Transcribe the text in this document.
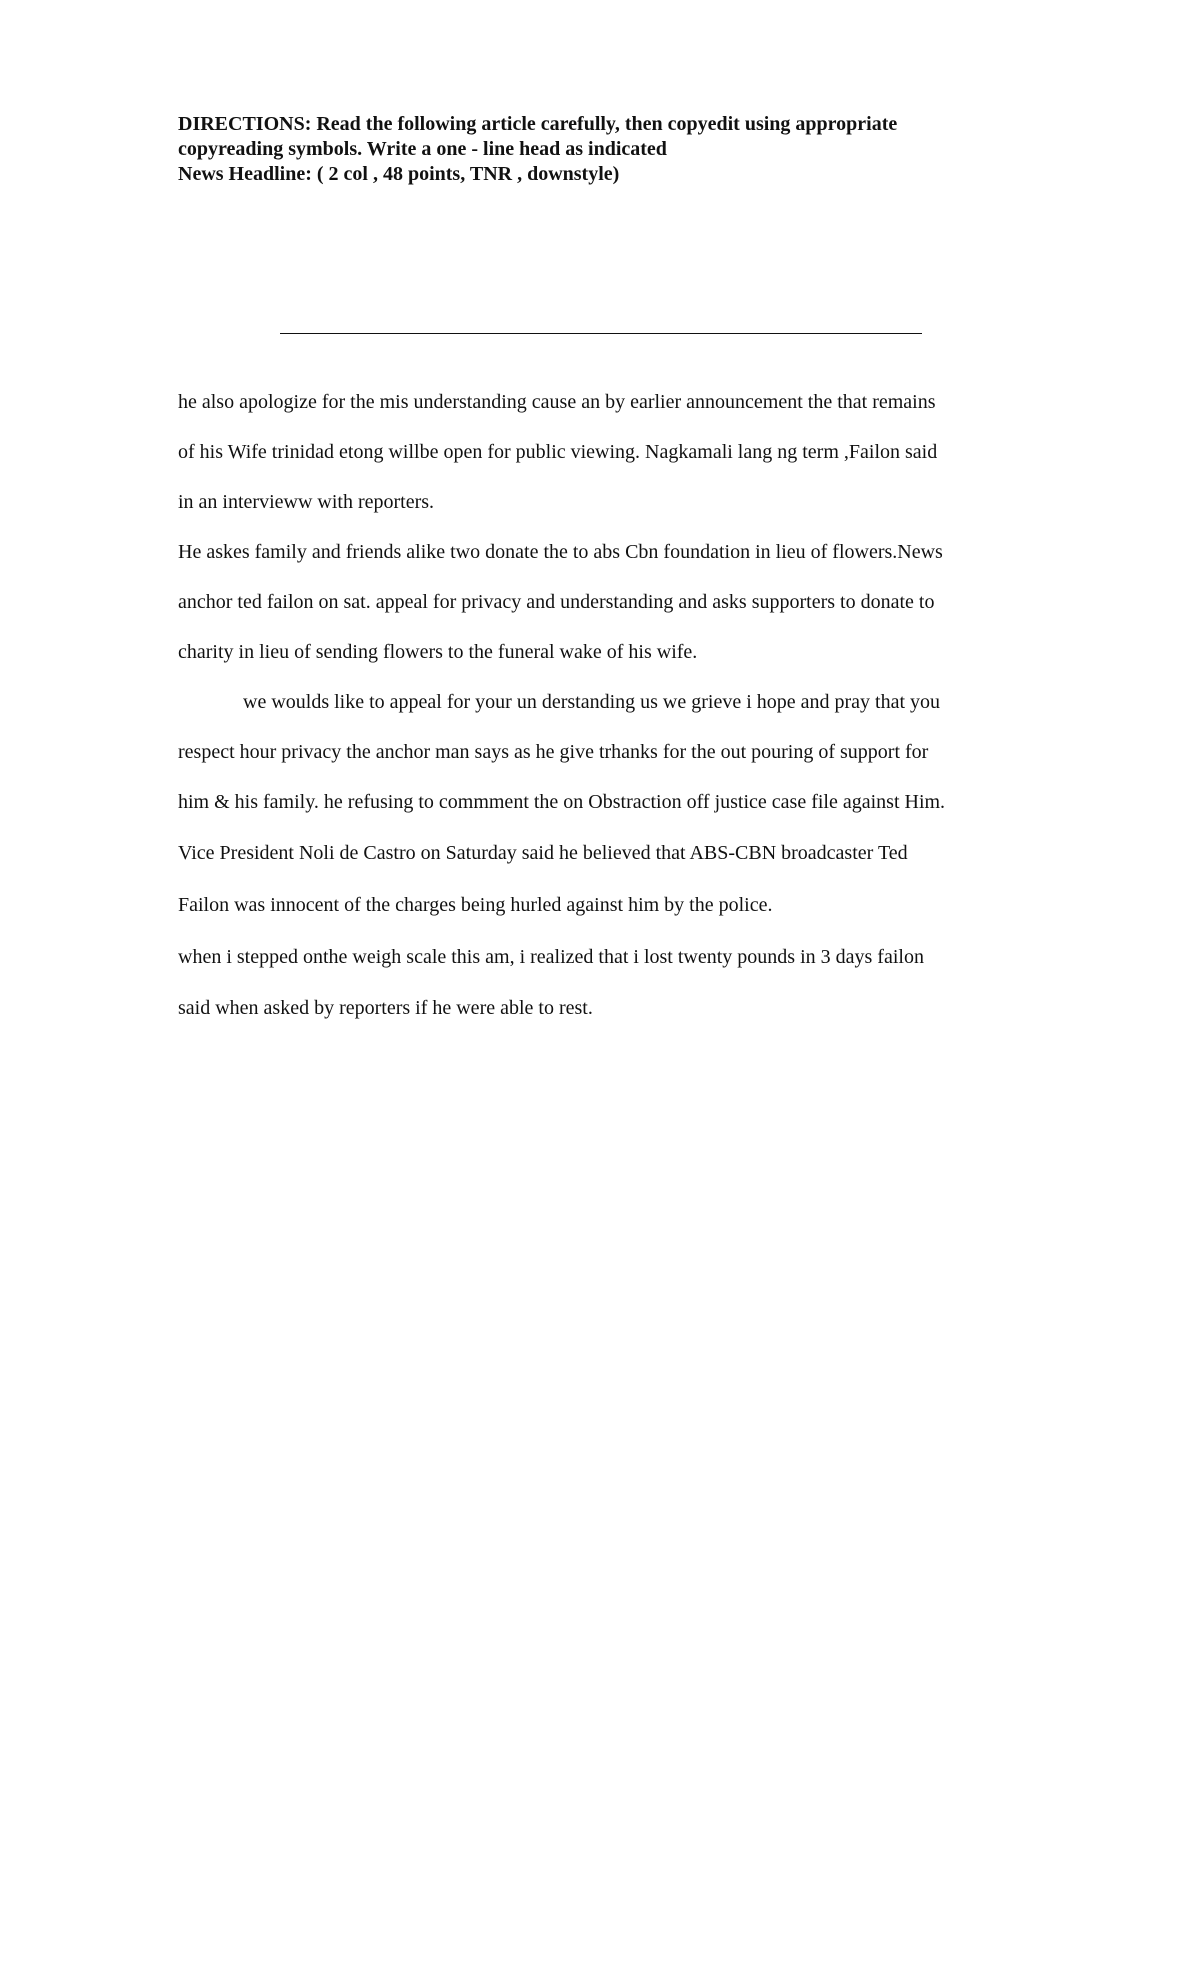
DIRECTIONS: Read the following article carefully, then copyedit using appropriate
copyreading symbols. Write a one - line head as indicated
News Headline: ( 2 col , 48 points, TNR , downstyle)
he also apologize for the mis understanding cause an by earlier announcement the that remains
of his Wife trinidad etong willbe open for public viewing. Nagkamali lang ng term ,Failon said
in an intervieww with reporters.
He askes family and friends alike two donate the to abs Cbn foundation in lieu of flowers.News
anchor ted failon on sat. appeal for privacy and understanding and asks supporters to donate to
charity in lieu of sending flowers to the funeral wake of his wife.
we woulds like to appeal for your un derstanding us we grieve i hope and pray that you
respect hour privacy the anchor man says as he give trhanks for the out pouring of support for
him & his family. he refusing to commment the on Obstraction off justice case file against Him.
Vice President Noli de Castro on Saturday said he believed that ABS-CBN broadcaster Ted
Failon was innocent of the charges being hurled against him by the police.
when i stepped onthe weigh scale this am, i realized that i lost twenty pounds in 3 days failon
said when asked by reporters if he were able to rest.
